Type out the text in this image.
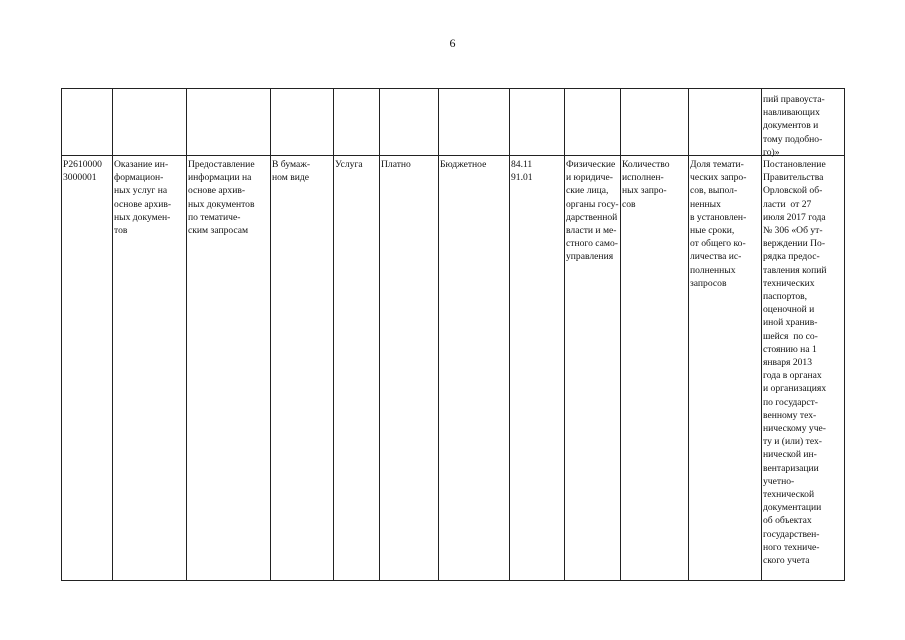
6
пий правоуста-
навливающих
документов и
тому подобно-
го)»
Р2610000
3000001
Оказание ин-
формацион-
ных услуг на
основе архив-
ных докумен-
тов
Предоставление
информации на
основе архив-
ных документов
по тематиче-
ским запросам
В бумаж-
ном виде
Услуга Платно	Бюджетное	84.11
91.01
Физические
и юридиче-
ские лица,
органы госу-
дарственной
власти и ме-
стного само-
управления
Количество
исполнен-
ных запро-
сов
Доля темати-
ческих запро-
сов, выпол-
ненных
в установлен-
ные сроки,
от общего ко-
личества ис-
полненных
запросов
Постановление
Правительства
Орловской об-
ласти  от 27
июля 2017 года
№ 306 «Об ут-
верждении По-
рядка предос-
тавления копий
технических
паспортов,
оценочной и
иной хранив-
шейся  по со-
стоянию на 1
января 2013
года в органах
и организациях
по государст-
венному тех-
ническому уче-
ту и (или) тех-
нической ин-
вентаризации
учетно-
технической
документации
об объектах
государствен-
ного техниче-
ского учета
